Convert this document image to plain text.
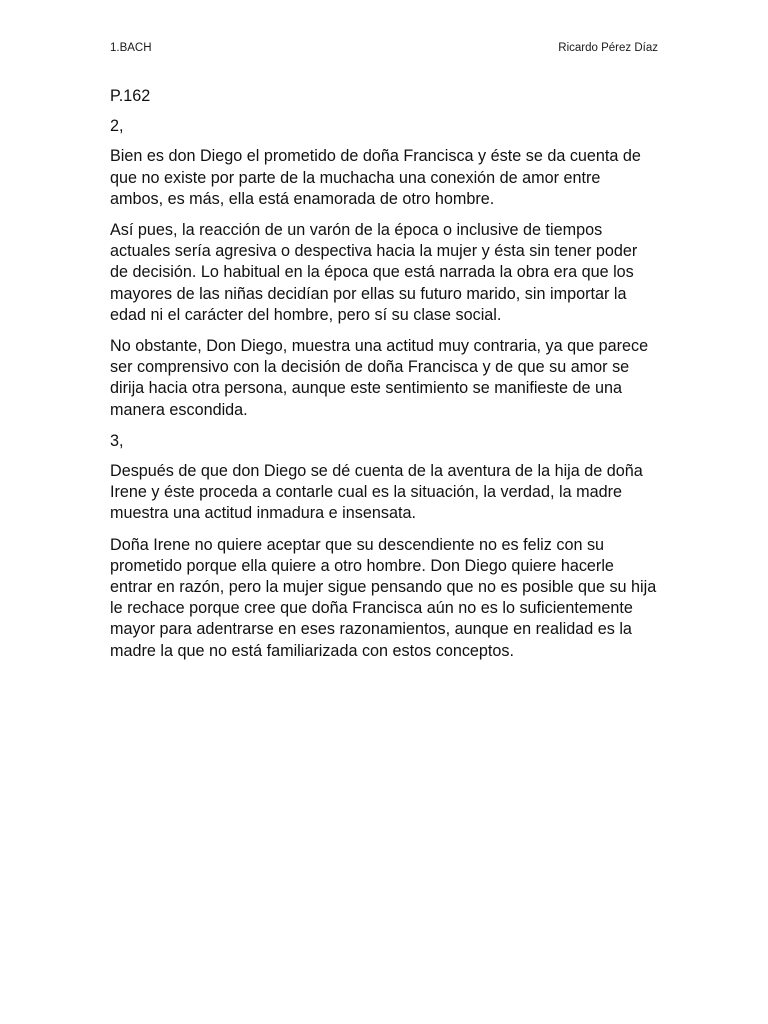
1.BACH	Ricardo Pérez Díaz

P.162

2,

Bien es don Diego el prometido de doña Francisca y éste se da cuenta de que no existe por parte de la muchacha una conexión de amor entre ambos, es más, ella está enamorada de otro hombre.

Así pues, la reacción de un varón de la época o inclusive de tiempos actuales sería agresiva o despectiva hacia la mujer y ésta sin tener poder de decisión. Lo habitual en la época que está narrada la obra era que los mayores de las niñas decidían por ellas su futuro marido, sin importar la edad ni el carácter del hombre, pero sí su clase social.

No obstante, Don Diego, muestra una actitud muy contraria, ya que parece ser comprensivo con la decisión de doña Francisca y de que su amor se dirija hacia otra persona, aunque este sentimiento se manifieste de una manera escondida.

3,

Después de que don Diego se dé cuenta de la aventura de la hija de doña Irene y éste proceda a contarle cual es la situación, la verdad, la madre muestra una actitud inmadura e insensata.

Doña Irene no quiere aceptar que su descendiente no es feliz con su prometido porque ella quiere a otro hombre. Don Diego quiere hacerle entrar en razón, pero la mujer sigue pensando que no es posible que su hija le rechace porque cree que doña Francisca aún no es lo suficientemente mayor para adentrarse en eses razonamientos, aunque en realidad es la madre la que no está familiarizada con estos conceptos.
